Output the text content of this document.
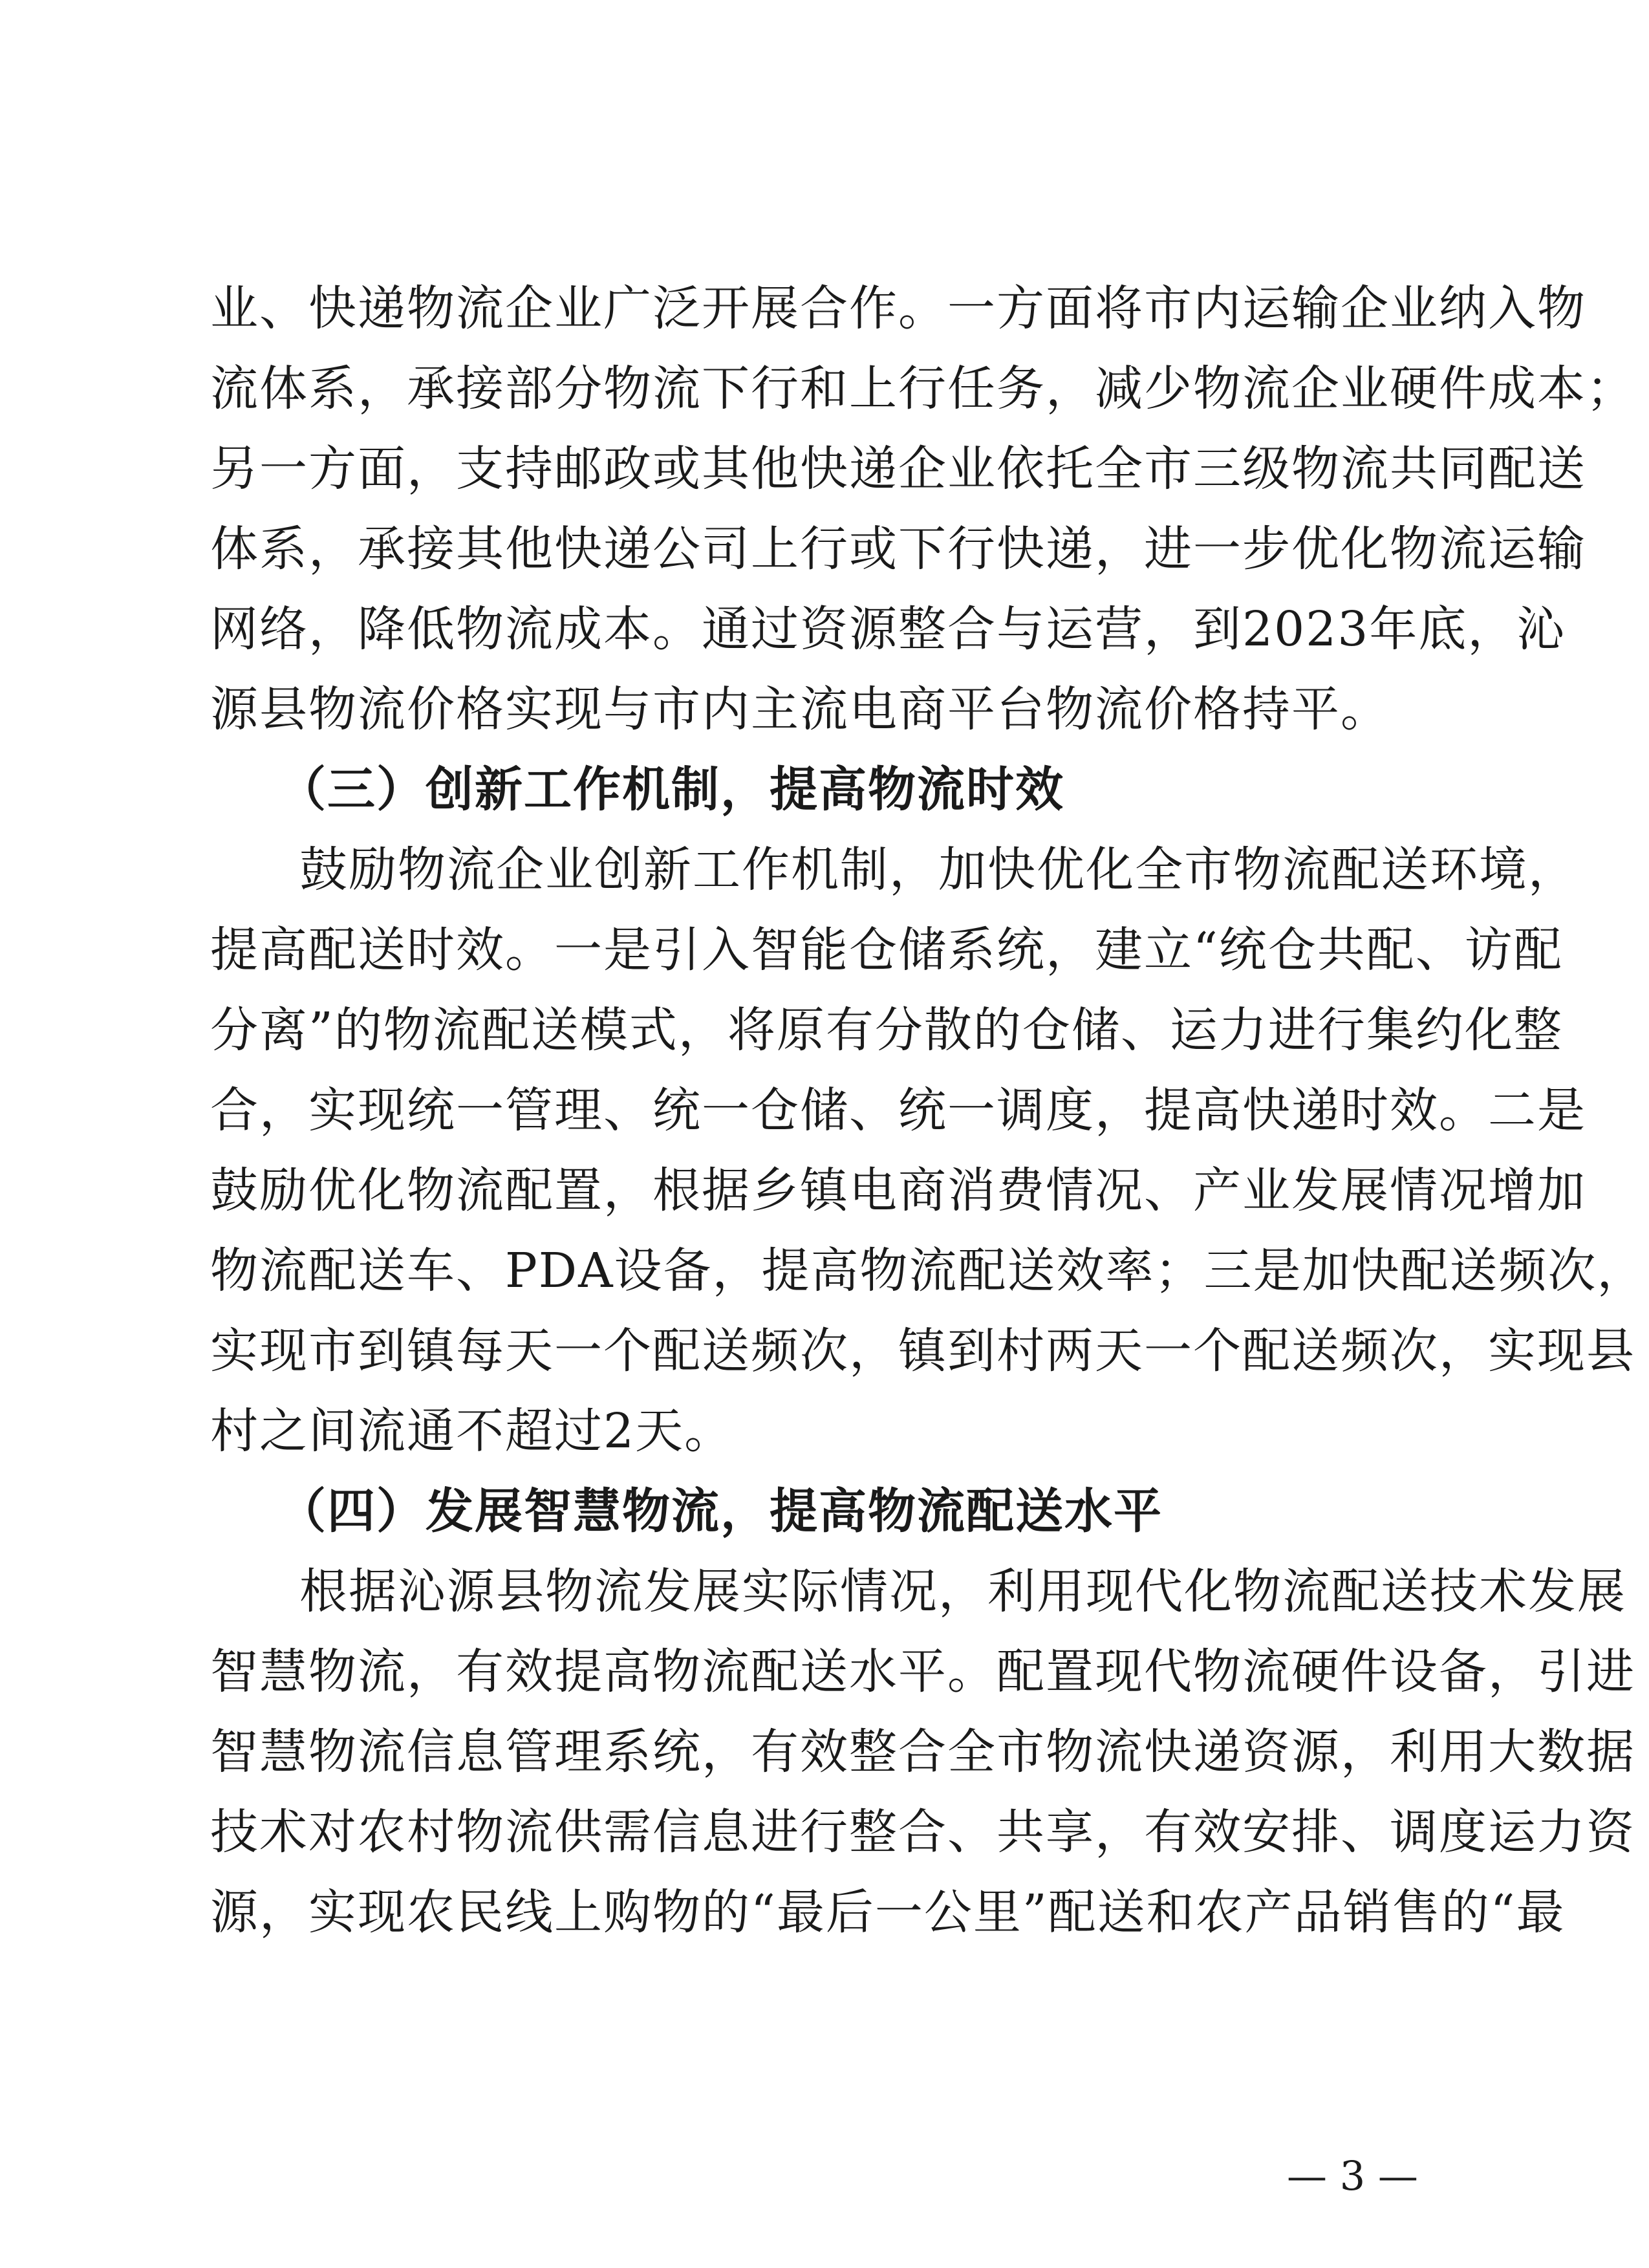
业、快递物流企业广泛开展合作。一方面将市内运输企业纳入物
流体系，承接部分物流下行和上行任务，减少物流企业硬件成本；
另一方面，支持邮政或其他快递企业依托全市三级物流共同配送
体系，承接其他快递公司上行或下行快递，进一步优化物流运输
网络，降低物流成本。通过资源整合与运营，到2023年底，沁
源县物流价格实现与市内主流电商平台物流价格持平。
（三）创新工作机制，提高物流时效
鼓励物流企业创新工作机制，加快优化全市物流配送环境，
提高配送时效。一是引入智能仓储系统，建立“统仓共配、访配
分离”的物流配送模式，将原有分散的仓储、运力进行集约化整
合，实现统一管理、统一仓储、统一调度，提高快递时效。二是
鼓励优化物流配置，根据乡镇电商消费情况、产业发展情况增加
物流配送车、PDA设备，提高物流配送效率；三是加快配送频次，
实现市到镇每天一个配送频次，镇到村两天一个配送频次，实现县
村之间流通不超过2天。
（四）发展智慧物流，提高物流配送水平
根据沁源县物流发展实际情况，利用现代化物流配送技术发展
智慧物流，有效提高物流配送水平。配置现代物流硬件设备，引进
智慧物流信息管理系统，有效整合全市物流快递资源，利用大数据
技术对农村物流供需信息进行整合、共享，有效安排、调度运力资
源，实现农民线上购物的“最后一公里”配送和农产品销售的“最
— 3 —
